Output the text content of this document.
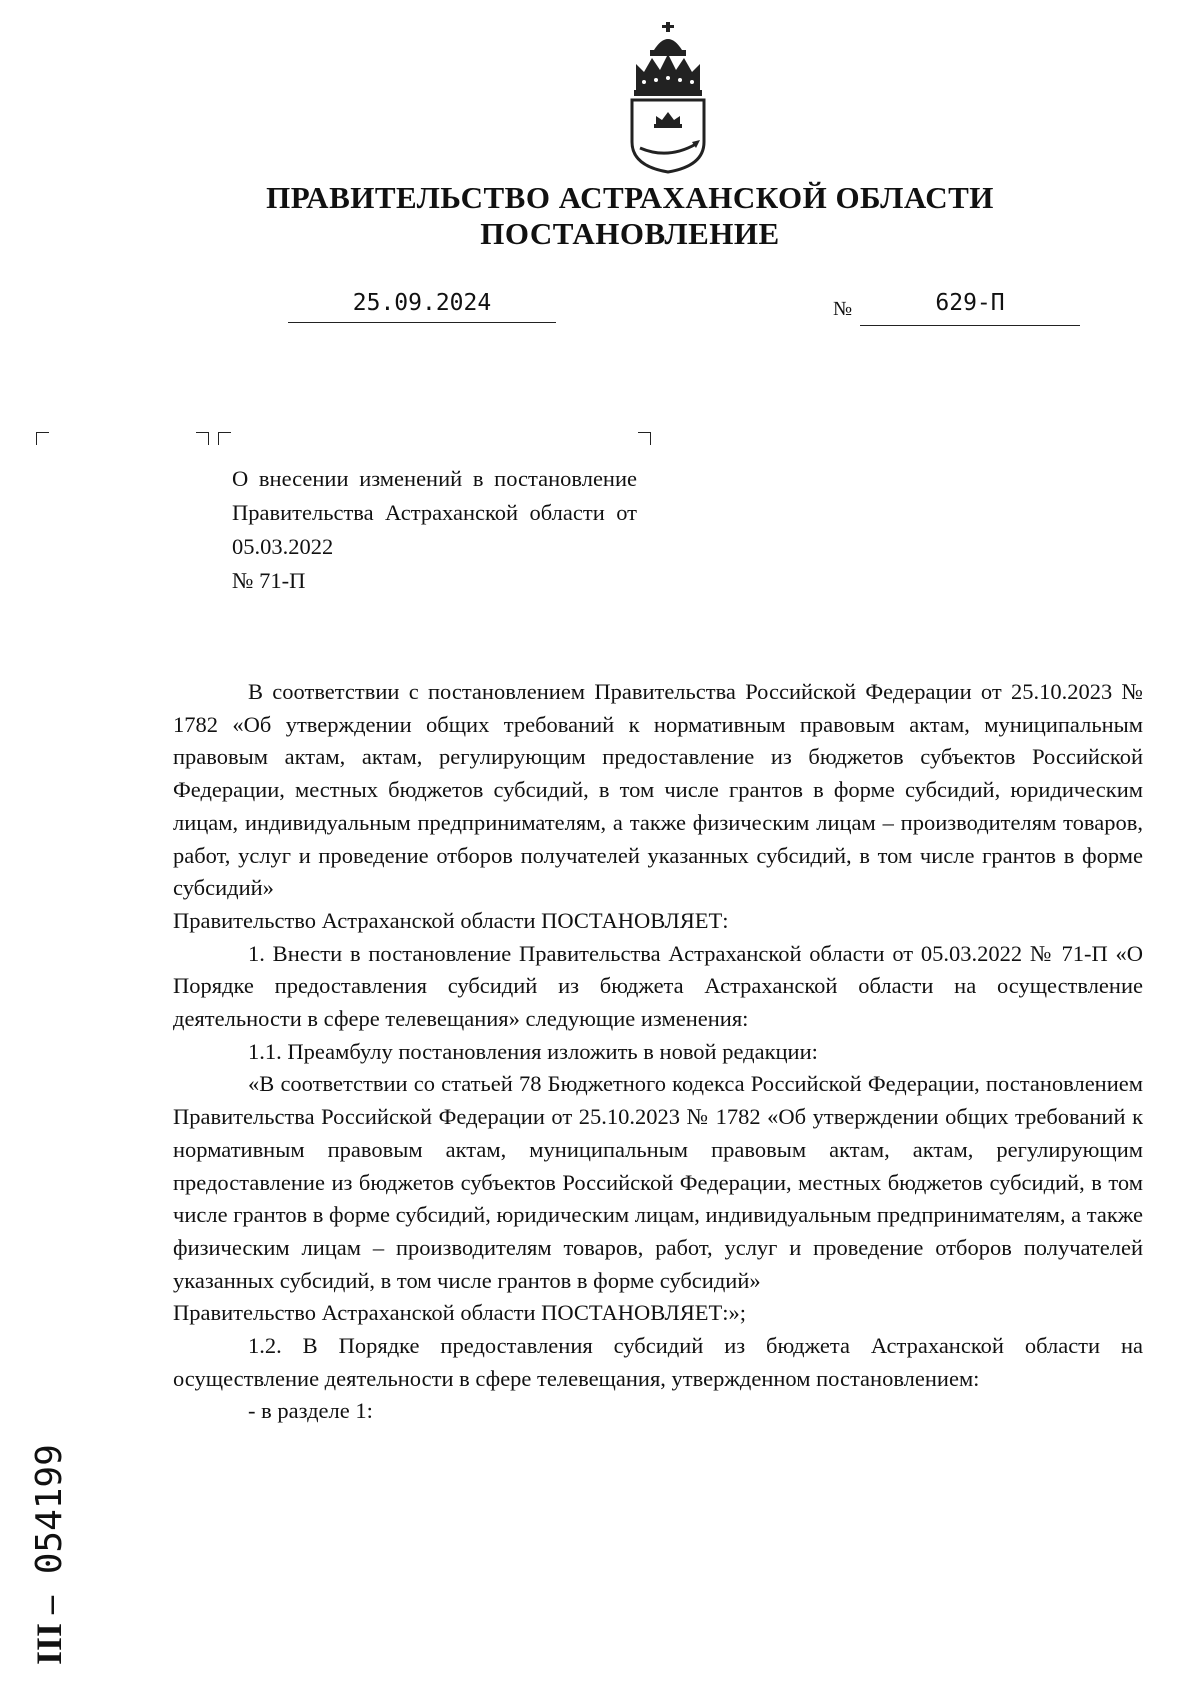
ПРАВИТЕЛЬСТВО АСТРАХАНСКОЙ ОБЛАСТИ
ПОСТАНОВЛЕНИЕ
25.09.2024	№	629-П
О внесении изменений в постановление Правительства Астраханской области от 05.03.2022
№ 71-П

В соответствии с постановлением Правительства Российской Федерации от 25.10.2023 № 1782 «Об утверждении общих требований к нормативным правовым актам, муниципальным правовым актам, актам, регулирующим предоставление из бюджетов субъектов Российской Федерации, местных бюджетов субсидий, в том числе грантов в форме субсидий, юридическим лицам, индивидуальным предпринимателям, а также физическим лицам – производителям товаров, работ, услуг и проведение отборов получателей указанных субсидий, в том числе грантов в форме субсидий»

Правительство Астраханской области ПОСТАНОВЛЯЕТ:

1. Внести в постановление Правительства Астраханской области от 05.03.2022 № 71-П «О Порядке предоставления субсидий из бюджета Астраханской области на осуществление деятельности в сфере телевещания» следующие изменения:

1.1. Преамбулу постановления изложить в новой редакции:

«В соответствии со статьей 78 Бюджетного кодекса Российской Федерации, постановлением Правительства Российской Федерации от 25.10.2023 № 1782 «Об утверждении общих требований к нормативным правовым актам, муниципальным правовым актам, актам, регулирующим предоставление из бюджетов субъектов Российской Федерации, местных бюджетов субсидий, в том числе грантов в форме субсидий, юридическим лицам, индивидуальным предпринимателям, а также физическим лицам – производителям товаров, работ, услуг и проведение отборов получателей указанных субсидий, в том числе грантов в форме субсидий»

Правительство Астраханской области ПОСТАНОВЛЯЕТ:»;

1.2. В Порядке предоставления субсидий из бюджета Астраханской области на осуществление деятельности в сфере телевещания, утвержденном постановлением:

- в разделе 1:

ІІІ – 054199
